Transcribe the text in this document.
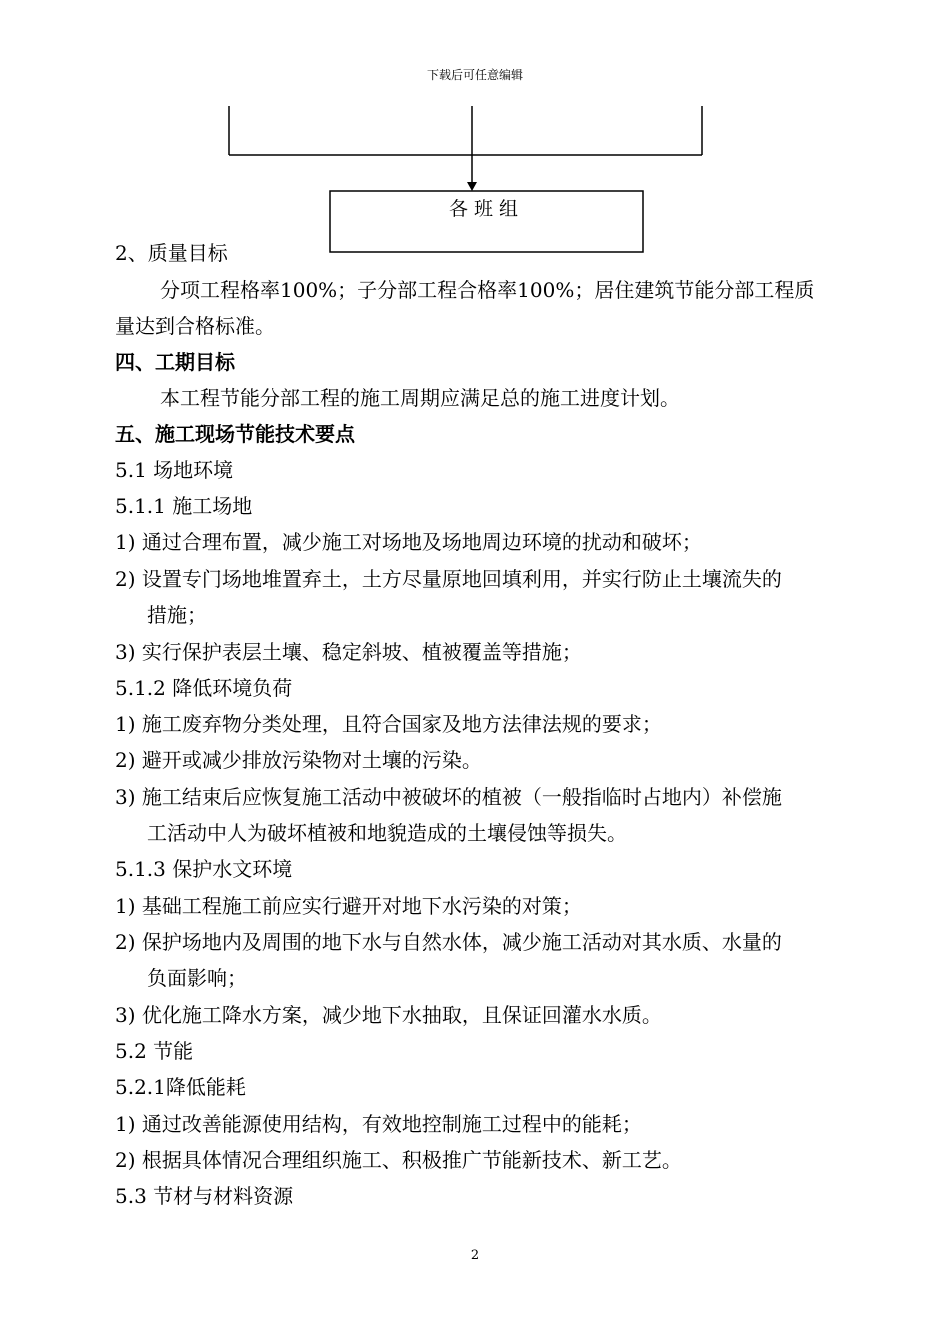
下载后可任意编辑
各班组
2、质量目标
分项工程格率100%；子分部工程合格率100%；居住建筑节能分部工程质
量达到合格标准。
四、工期目标
本工程节能分部工程的施工周期应满足总的施工进度计划。
五、施工现场节能技术要点
5.1 场地环境
5.1.1 施工场地
1) 通过合理布置，减少施工对场地及场地周边环境的扰动和破坏；
2) 设置专门场地堆置弃土，土方尽量原地回填利用，并实行防止土壤流失的
措施；
3) 实行保护表层土壤、稳定斜坡、植被覆盖等措施；
5.1.2 降低环境负荷
1) 施工废弃物分类处理，且符合国家及地方法律法规的要求；
2) 避开或减少排放污染物对土壤的污染。
3) 施工结束后应恢复施工活动中被破坏的植被（一般指临时占地内）补偿施
工活动中人为破坏植被和地貌造成的土壤侵蚀等损失。
5.1.3 保护水文环境
1) 基础工程施工前应实行避开对地下水污染的对策；
2) 保护场地内及周围的地下水与自然水体，减少施工活动对其水质、水量的
负面影响；
3) 优化施工降水方案，减少地下水抽取，且保证回灌水水质。
5.2 节能
5.2.1降低能耗
1) 通过改善能源使用结构，有效地控制施工过程中的能耗；
2) 根据具体情况合理组织施工、积极推广节能新技术、新工艺。
5.3 节材与材料资源
2
